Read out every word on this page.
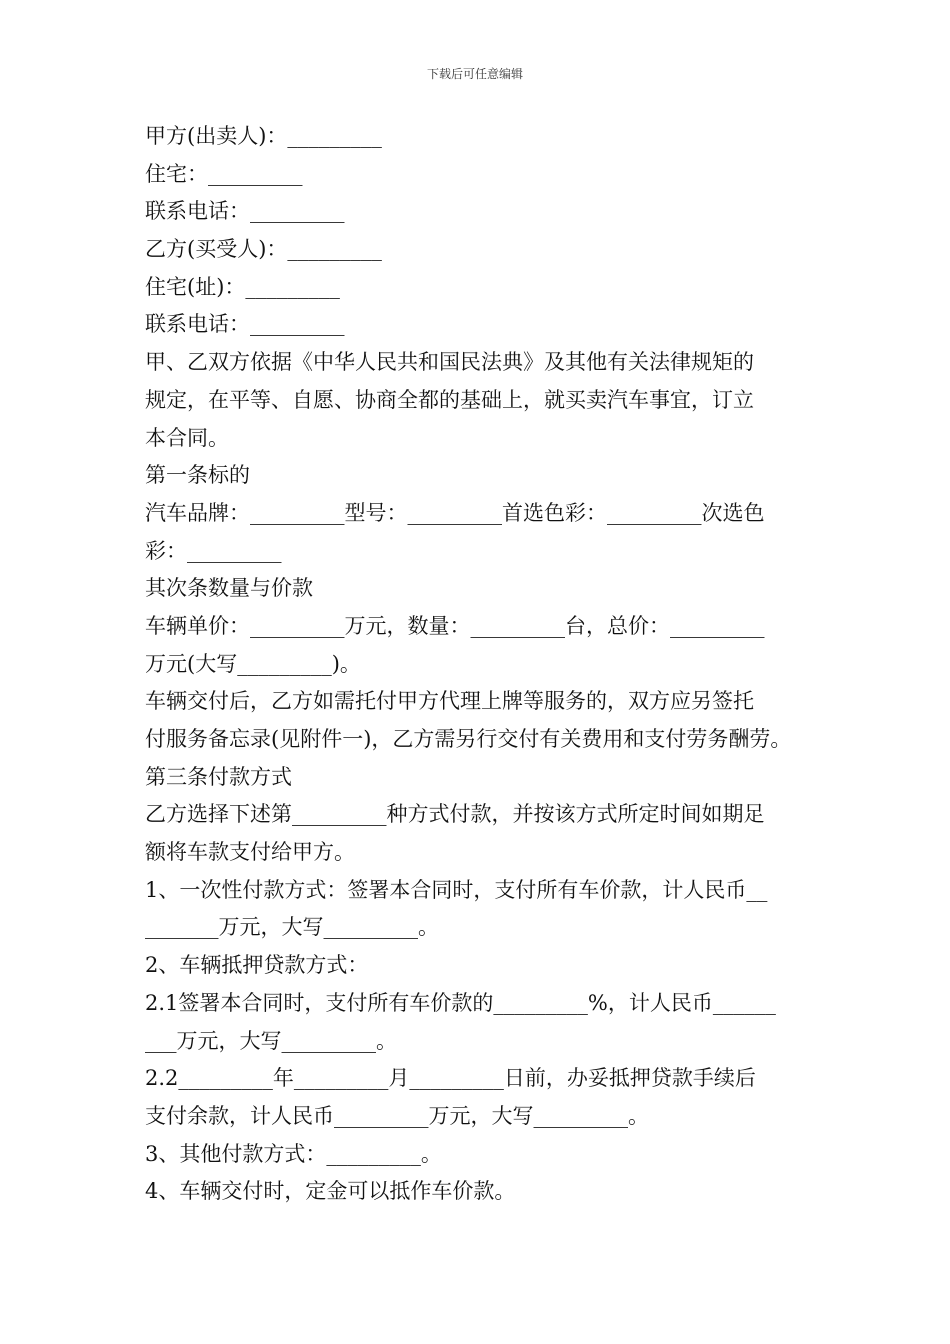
下载后可任意编辑
甲方(出卖人)：_________
住宅：_________
联系电话：_________
乙方(买受人)：_________
住宅(址)：_________
联系电话：_________
甲、乙双方依据《中华人民共和国民法典》及其他有关法律规矩的
规定，在平等、自愿、协商全都的基础上，就买卖汽车事宜，订立
本合同。
第一条标的
汽车品牌：_________型号：_________首选色彩：_________次选色
彩：_________
其次条数量与价款
车辆单价：_________万元，数量：_________台，总价：_________
万元(大写_________)。
车辆交付后，乙方如需托付甲方代理上牌等服务的，双方应另签托
付服务备忘录(见附件一)，乙方需另行交付有关费用和支付劳务酬劳。
第三条付款方式
乙方选择下述第_________种方式付款，并按该方式所定时间如期足
额将车款支付给甲方。
1、一次性付款方式：签署本合同时，支付所有车价款，计人民币__
_______万元，大写_________。
2、车辆抵押贷款方式：
2.1签署本合同时，支付所有车价款的_________%，计人民币______
___万元，大写_________。
2.2_________年_________月_________日前，办妥抵押贷款手续后
支付余款，计人民币_________万元，大写_________。
3、其他付款方式：_________。
4、车辆交付时，定金可以抵作车价款。
